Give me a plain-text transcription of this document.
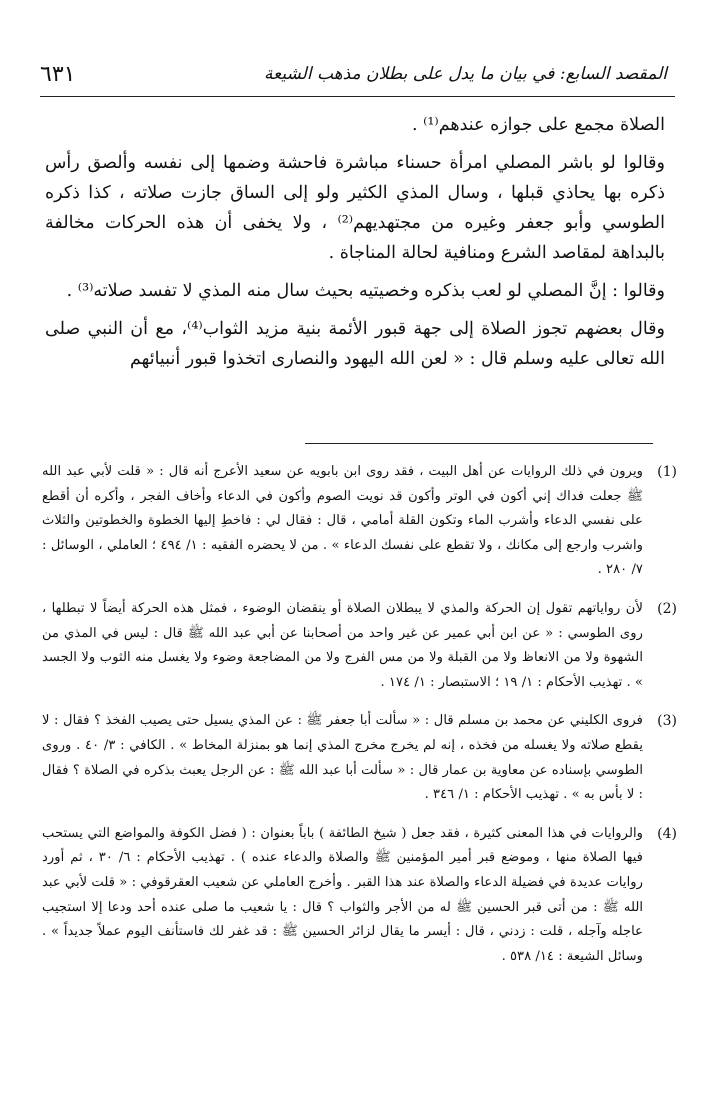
٦٣١	المقصد السابع: في بيان ما يدل على بطلان مذهب الشيعة

الصلاة مجمع على جوازه عندهم⁽¹⁾ .

وقالوا لو باشر المصلي امرأة حسناء مباشرة فاحشة وضمها إلى نفسه وألصق رأس ذكره بها يحاذي قبلها ، وسال المذي الكثير ولو إلى الساق جازت صلاته ، كذا ذكره الطوسي وأبو جعفر وغيره من مجتهديهم⁽²⁾ ، ولا يخفى أن هذه الحركات مخالفة بالبداهة لمقاصد الشرع ومنافية لحالة المناجاة .

وقالوا : إنَّ المصلي لو لعب بذكره وخصيتيه بحيث سال منه المذي لا تفسد صلاته⁽³⁾ .

وقال بعضهم تجوز الصلاة إلى جهة قبور الأئمة بنية مزيد الثواب⁽⁴⁾، مع أن النبي صلى الله تعالى عليه وسلم قال : « لعن الله اليهود والنصارى اتخذوا قبور أنبيائهم

(1)
ويرون في ذلك الروايات عن أهل البيت ، فقد روى ابن بابويه عن سعيد الأعرج أنه قال : « قلت لأبي عبد الله ﷺ جعلت فداك إني أكون في الوتر وأكون قد نويت الصوم وأكون في الدعاء وأخاف الفجر ، وأكره أن أقطع على نفسي الدعاء وأشرب الماء وتكون القلة أمامي ، قال : فقال لي : فاخطِ إليها الخطوة والخطوتين والثلاث واشرب وارجع إلى مكانك ، ولا تقطع على نفسك الدعاء » . من لا يحضره الفقيه : ١/ ٤٩٤ ؛ العاملي ، الوسائل : ٧/ ٢٨٠ .
(2)
لأن رواياتهم تقول إن الحركة والمذي لا يبطلان الصلاة أو ينقضان الوضوء ، فمثل هذه الحركة أيضاً لا تبطلها ، روى الطوسي : « عن ابن أبي عمير عن غير واحد من أصحابنا عن أبي عبد الله ﷺ قال : ليس في المذي من الشهوة ولا من الانعاظ ولا من القبلة ولا من مس الفرج ولا من المضاجعة وضوء ولا يغسل منه الثوب ولا الجسد » . تهذيب الأحكام : ١/ ١٩ ؛ الاستبصار : ١/ ١٧٤ .
(3)
فروى الكليني عن محمد بن مسلم قال : « سألت أبا جعفر ﷺ : عن المذي يسيل حتى يصيب الفخذ ؟ فقال : لا يقطع صلاته ولا يغسله من فخذه ، إنه لم يخرج مخرج المذي إنما هو بمنزلة المخاط » . الكافي : ٣/ ٤٠ . وروى الطوسي بإسناده عن معاوية بن عمار قال : « سألت أبا عبد الله ﷺ : عن الرجل يعبث بذكره في الصلاة ؟ فقال : لا بأس به » . تهذيب الأحكام : ١/ ٣٤٦ .
(4)
والروايات في هذا المعنى كثيرة ، فقد جعل ( شيخ الطائفة ) باباً بعنوان : ( فضل الكوفة والمواضع التي يستحب فيها الصلاة منها ، وموضع قبر أمير المؤمنين ﷺ والصلاة والدعاء عنده ) . تهذيب الأحكام : ٦/ ٣٠ ، ثم أورد روايات عديدة في فضيلة الدعاء والصلاة عند هذا القبر . وأخرج العاملي عن شعيب العقرقوفي : « قلت لأبي عبد الله ﷺ : من أتى قبر الحسين ﷺ له من الأجر والثواب ؟ قال : يا شعيب ما صلى عنده أحد ودعا إلا استجيب عاجله وآجله ، قلت : زدني ، قال : أيسر ما يقال لزائر الحسين ﷺ : قد غفر لك فاستأنف اليوم عملاً جديداً » . وسائل الشيعة : ١٤/ ٥٣٨ .
